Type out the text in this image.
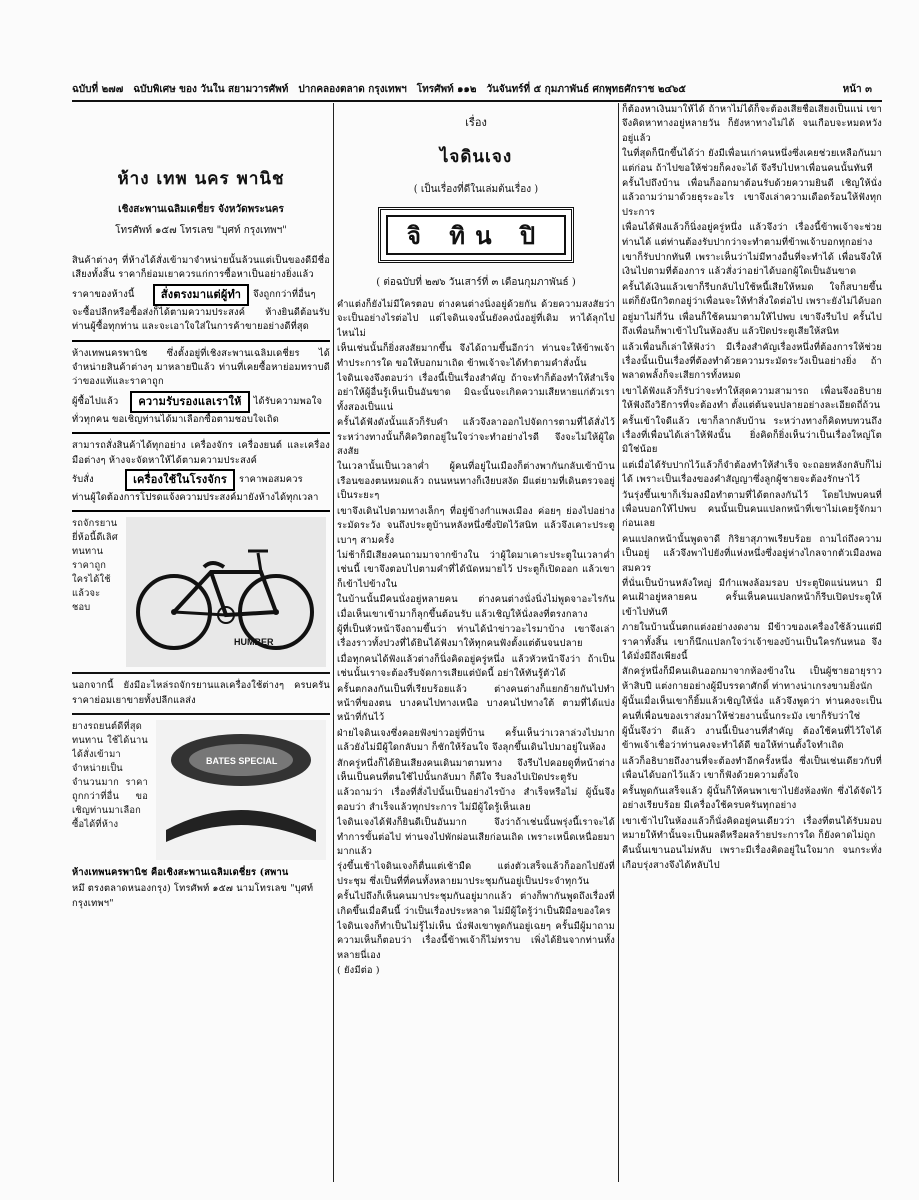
ฉบับที่ ๒๗๗ ฉบับพิเศษ ของ วันใน สยามวารศัพท์ ปากคลองตลาด กรุงเทพฯ โทรศัพท์ ๑๑๒ วันจันทร์ที่ ๕ กุมภาพันธ์ ศกพุทธศักราช ๒๔๖๕	หน้า ๓
ห้าง เทพ นคร พานิช
เชิงสะพานเฉลิมเดชี่ยร จังหวัดพระนคร
โทรศัพท์ ๑๕๗ โทรเลข "บุศท์ กรุงเทพฯ"

สินค้าต่างๆ ที่ห้างได้สั่งเข้ามาจำหน่ายนั้นล้วนแต่เป็นของดีมีชื่อเสียงทั้งสิ้น ราคาก็ย่อมเยาควรแก่การซื้อหาเป็นอย่างยิ่งแล้ว

ราคาของห้างนี้	สั่งตรงมาแต่ผู้ทำ	จึงถูกกว่าที่อื่นๆ

จะซื้อปลีกหรือซื้อส่งก็ได้ตามความประสงค์ ห้างยินดีต้อนรับท่านผู้ซื้อทุกท่าน และจะเอาใจใส่ในการค้าขายอย่างดีที่สุด

ห้างเทพนครพานิช ซึ่งตั้งอยู่ที่เชิงสะพานเฉลิมเดชี่ยร ได้จำหน่ายสินค้าต่างๆ มาหลายปีแล้ว ท่านที่เคยซื้อหาย่อมทราบดีว่าของแท้และราคาถูก

ผู้ซื้อไปแล้ว	ความรับรองแลเราให้	ได้รับความพอใจ

ทั่วทุกคน ขอเชิญท่านได้มาเลือกซื้อตามชอบใจเถิด

สามารถสั่งสินค้าได้ทุกอย่าง เครื่องจักร เครื่องยนต์ และเครื่องมือต่างๆ ห้างจะจัดหาให้ได้ตามความประสงค์

รับสั่ง	เครื่องใช้ในโรงจักร	ราคาพอสมควร

ท่านผู้ใดต้องการโปรดแจ้งความประสงค์มายังห้างได้ทุกเวลา

รถจักรยานยี่ห้อนี้ดีเลิศ ทนทาน ราคาถูก ใครได้ใช้แล้วจะชอบ
HUMBER

นอกจากนี้ ยังมีอะไหล่รถจักรยานแลเครื่องใช้ต่างๆ ครบครัน ราคาย่อมเยาขายทั้งปลีกแลส่ง

ยางรถยนต์ดีที่สุด ทนทาน ใช้ได้นาน ได้สั่งเข้ามาจำหน่ายเป็นจำนวนมาก ราคาถูกกว่าที่อื่น ขอเชิญท่านมาเลือกซื้อได้ที่ห้าง
BATES SPECIAL

ห้างเทพนครพานิช คือเชิงสะพานเฉลิมเดชี่ยร (สพาน

หมึ ตรงตลาดหนองกรุง) โทรศัพท์ ๑๕๗ นามโทรเลข "บุศท์

กรุงเทพฯ"

เรื่อง
ไจดินเจง
( เป็นเรื่องที่ดีในเล่มต้นเรื่อง )
จิ ทิน ปิ
( ต่อฉบับที่ ๒๗๖ วันเสาร์ที่ ๓ เดือนกุมภาพันธ์ )

คำแต่งก็ยังไม่มีใครตอบ ต่างคนต่างนิ่งอยู่ด้วยกัน ด้วยความสงสัยว่าจะเป็นอย่างไรต่อไป แต่ไจดินเจงนั้นยังคงนั่งอยู่ที่เดิม หาได้ลุกไปไหนไม่

เห็นเช่นนั้นก็ยิ่งสงสัยมากขึ้น จึงได้ถามขึ้นอีกว่า ท่านจะให้ข้าพเจ้าทำประการใด ขอให้บอกมาเถิด ข้าพเจ้าจะได้ทำตามคำสั่งนั้น

ไจดินเจงจึงตอบว่า เรื่องนี้เป็นเรื่องสำคัญ ถ้าจะทำก็ต้องทำให้สำเร็จ อย่าให้ผู้อื่นรู้เห็นเป็นอันขาด มิฉะนั้นจะเกิดความเสียหายแก่ตัวเราทั้งสองเป็นแน่

ครั้นได้ฟังดังนั้นแล้วก็รับคำ แล้วจึงลาออกไปจัดการตามที่ได้สั่งไว้ ระหว่างทางนั้นก็คิดวิตกอยู่ในใจว่าจะทำอย่างไรดี จึงจะไม่ให้ผู้ใดสงสัย

ในเวลานั้นเป็นเวลาค่ำ ผู้คนที่อยู่ในเมืองก็ต่างพากันกลับเข้าบ้านเรือนของตนหมดแล้ว ถนนหนทางก็เงียบสงัด มีแต่ยามที่เดินตรวจอยู่เป็นระยะๆ

เขาจึงเดินไปตามทางเล็กๆ ที่อยู่ข้างกำแพงเมือง ค่อยๆ ย่องไปอย่างระมัดระวัง จนถึงประตูบ้านหลังหนึ่งซึ่งปิดไว้สนิท แล้วจึงเคาะประตูเบาๆ สามครั้ง

ไม่ช้าก็มีเสียงคนถามมาจากข้างใน ว่าผู้ใดมาเคาะประตูในเวลาค่ำเช่นนี้ เขาจึงตอบไปตามคำที่ได้นัดหมายไว้ ประตูก็เปิดออก แล้วเขาก็เข้าไปข้างใน

ในบ้านนั้นมีคนนั่งอยู่หลายคน ต่างคนต่างนั่งนิ่งไม่พูดจาอะไรกัน เมื่อเห็นเขาเข้ามาก็ลุกขึ้นต้อนรับ แล้วเชิญให้นั่งลงที่ตรงกลาง

ผู้ที่เป็นหัวหน้าจึงถามขึ้นว่า ท่านได้นำข่าวอะไรมาบ้าง เขาจึงเล่าเรื่องราวทั้งปวงที่ได้ยินได้ฟังมาให้ทุกคนฟังตั้งแต่ต้นจนปลาย

เมื่อทุกคนได้ฟังแล้วต่างก็นิ่งคิดอยู่ครู่หนึ่ง แล้วหัวหน้าจึงว่า ถ้าเป็นเช่นนั้นเราจะต้องรีบจัดการเสียแต่บัดนี้ อย่าให้ทันรู้ตัวได้

ครั้นตกลงกันเป็นที่เรียบร้อยแล้ว ต่างคนต่างก็แยกย้ายกันไปทำหน้าที่ของตน บางคนไปทางเหนือ บางคนไปทางใต้ ตามที่ได้แบ่งหน้าที่กันไว้

ฝ่ายไจดินเจงซึ่งคอยฟังข่าวอยู่ที่บ้าน ครั้นเห็นว่าเวลาล่วงไปมากแล้วยังไม่มีผู้ใดกลับมา ก็ชักให้ร้อนใจ จึงลุกขึ้นเดินไปมาอยู่ในห้อง

สักครู่หนึ่งก็ได้ยินเสียงคนเดินมาตามทาง จึงรีบไปคอยดูที่หน้าต่าง เห็นเป็นคนที่ตนใช้ไปนั้นกลับมา ก็ดีใจ รีบลงไปเปิดประตูรับ

แล้วถามว่า เรื่องที่สั่งไปนั้นเป็นอย่างไรบ้าง สำเร็จหรือไม่ ผู้นั้นจึงตอบว่า สำเร็จแล้วทุกประการ ไม่มีผู้ใดรู้เห็นเลย

ไจดินเจงได้ฟังก็ยินดีเป็นอันมาก จึงว่าถ้าเช่นนั้นพรุ่งนี้เราจะได้ทำการขั้นต่อไป ท่านจงไปพักผ่อนเสียก่อนเถิด เพราะเหน็ดเหนื่อยมามากแล้ว

รุ่งขึ้นเช้าไจดินเจงก็ตื่นแต่เช้ามืด แต่งตัวเสร็จแล้วก็ออกไปยังที่ประชุม ซึ่งเป็นที่ที่คนทั้งหลายมาประชุมกันอยู่เป็นประจำทุกวัน

ครั้นไปถึงก็เห็นคนมาประชุมกันอยู่มากแล้ว ต่างก็พากันพูดถึงเรื่องที่เกิดขึ้นเมื่อคืนนี้ ว่าเป็นเรื่องประหลาด ไม่มีผู้ใดรู้ว่าเป็นฝีมือของใคร

ไจดินเจงก็ทำเป็นไม่รู้ไม่เห็น นั่งฟังเขาพูดกันอยู่เฉยๆ ครั้นมีผู้มาถามความเห็นก็ตอบว่า เรื่องนี้ข้าพเจ้าก็ไม่ทราบ เพิ่งได้ยินจากท่านทั้งหลายนี่เอง

( ยังมีต่อ )

ก็ต้องหาเงินมาให้ได้ ถ้าหาไม่ได้ก็จะต้องเสียชื่อเสียงเป็นแน่ เขาจึงคิดหาทางอยู่หลายวัน ก็ยังหาทางไม่ได้ จนเกือบจะหมดหวังอยู่แล้ว

ในที่สุดก็นึกขึ้นได้ว่า ยังมีเพื่อนเก่าคนหนึ่งซึ่งเคยช่วยเหลือกันมาแต่ก่อน ถ้าไปขอให้ช่วยก็คงจะได้ จึงรีบไปหาเพื่อนคนนั้นทันที

ครั้นไปถึงบ้าน เพื่อนก็ออกมาต้อนรับด้วยความยินดี เชิญให้นั่งแล้วถามว่ามาด้วยธุระอะไร เขาจึงเล่าความเดือดร้อนให้ฟังทุกประการ

เพื่อนได้ฟังแล้วก็นิ่งอยู่ครู่หนึ่ง แล้วจึงว่า เรื่องนี้ข้าพเจ้าจะช่วยท่านได้ แต่ท่านต้องรับปากว่าจะทำตามที่ข้าพเจ้าบอกทุกอย่าง

เขาก็รับปากทันที เพราะเห็นว่าไม่มีทางอื่นที่จะทำได้ เพื่อนจึงให้เงินไปตามที่ต้องการ แล้วสั่งว่าอย่าได้บอกผู้ใดเป็นอันขาด

ครั้นได้เงินแล้วเขาก็รีบกลับไปใช้หนี้เสียให้หมด ใจก็สบายขึ้น แต่ก็ยังนึกวิตกอยู่ว่าเพื่อนจะให้ทำสิ่งใดต่อไป เพราะยังไม่ได้บอก

อยู่มาไม่กี่วัน เพื่อนก็ใช้คนมาตามให้ไปพบ เขาจึงรีบไป ครั้นไปถึงเพื่อนก็พาเข้าไปในห้องลับ แล้วปิดประตูเสียให้สนิท

แล้วเพื่อนก็เล่าให้ฟังว่า มีเรื่องสำคัญเรื่องหนึ่งที่ต้องการให้ช่วย เรื่องนั้นเป็นเรื่องที่ต้องทำด้วยความระมัดระวังเป็นอย่างยิ่ง ถ้าพลาดพลั้งก็จะเสียการทั้งหมด

เขาได้ฟังแล้วก็รับว่าจะทำให้สุดความสามารถ เพื่อนจึงอธิบายให้ฟังถึงวิธีการที่จะต้องทำ ตั้งแต่ต้นจนปลายอย่างละเอียดถี่ถ้วน

ครั้นเข้าใจดีแล้ว เขาก็ลากลับบ้าน ระหว่างทางก็คิดทบทวนถึงเรื่องที่เพื่อนได้เล่าให้ฟังนั้น ยิ่งคิดก็ยิ่งเห็นว่าเป็นเรื่องใหญ่โตมิใช่น้อย

แต่เมื่อได้รับปากไว้แล้วก็จำต้องทำให้สำเร็จ จะถอยหลังกลับก็ไม่ได้ เพราะเป็นเรื่องของคำสัญญาซึ่งลูกผู้ชายจะต้องรักษาไว้

วันรุ่งขึ้นเขาก็เริ่มลงมือทำตามที่ได้ตกลงกันไว้ โดยไปพบคนที่เพื่อนบอกให้ไปพบ คนนั้นเป็นคนแปลกหน้าที่เขาไม่เคยรู้จักมาก่อนเลย

คนแปลกหน้านั้นพูดจาดี กิริยาสุภาพเรียบร้อย ถามไถ่ถึงความเป็นอยู่ แล้วจึงพาไปยังที่แห่งหนึ่งซึ่งอยู่ห่างไกลจากตัวเมืองพอสมควร

ที่นั่นเป็นบ้านหลังใหญ่ มีกำแพงล้อมรอบ ประตูปิดแน่นหนา มีคนเฝ้าอยู่หลายคน ครั้นเห็นคนแปลกหน้าก็รีบเปิดประตูให้เข้าไปทันที

ภายในบ้านนั้นตกแต่งอย่างงดงาม มีข้าวของเครื่องใช้ล้วนแต่มีราคาทั้งสิ้น เขาก็นึกแปลกใจว่าเจ้าของบ้านเป็นใครกันหนอ จึงได้มั่งมีถึงเพียงนี้

สักครู่หนึ่งก็มีคนเดินออกมาจากห้องข้างใน เป็นผู้ชายอายุราวห้าสิบปี แต่งกายอย่างผู้มีบรรดาศักดิ์ ท่าทางน่าเกรงขามยิ่งนัก

ผู้นั้นเมื่อเห็นเขาก็ยิ้มแล้วเชิญให้นั่ง แล้วจึงพูดว่า ท่านคงจะเป็นคนที่เพื่อนของเราส่งมาให้ช่วยงานนั้นกระมัง เขาก็รับว่าใช่

ผู้นั้นจึงว่า ดีแล้ว งานนี้เป็นงานที่สำคัญ ต้องใช้คนที่ไว้ใจได้ ข้าพเจ้าเชื่อว่าท่านคงจะทำได้ดี ขอให้ท่านตั้งใจทำเถิด

แล้วก็อธิบายถึงงานที่จะต้องทำอีกครั้งหนึ่ง ซึ่งเป็นเช่นเดียวกับที่เพื่อนได้บอกไว้แล้ว เขาก็ฟังด้วยความตั้งใจ

ครั้นพูดกันเสร็จแล้ว ผู้นั้นก็ให้คนพาเขาไปยังห้องพัก ซึ่งได้จัดไว้อย่างเรียบร้อย มีเครื่องใช้ครบครันทุกอย่าง

เขาเข้าไปในห้องแล้วก็นั่งคิดอยู่คนเดียวว่า เรื่องที่ตนได้รับมอบหมายให้ทำนั้นจะเป็นผลดีหรือผลร้ายประการใด ก็ยังคาดไม่ถูก

คืนนั้นเขานอนไม่หลับ เพราะมีเรื่องคิดอยู่ในใจมาก จนกระทั่งเกือบรุ่งสางจึงได้หลับไป
